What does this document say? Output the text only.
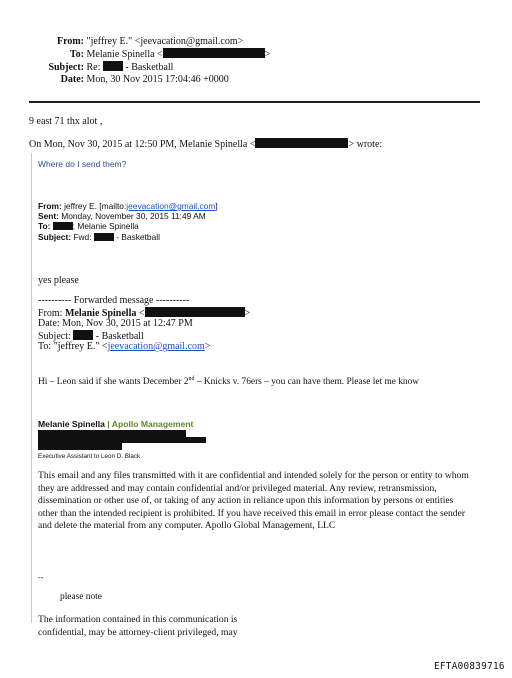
From: "jeffrey E." <jeevacation@gmail.com>
To: Melanie Spinella <	>
Subject: Re:	- Basketball
Date: Mon, 30 Nov 2015 17:04:46 +0000
9 east 71 thx alot ,
On Mon, Nov 30, 2015 at 12:50 PM, Melanie Spinella <	> wrote:
Where do I send them?
From: jeffrey E. [mailto:jeevacation@gmail.com]
Sent: Monday, November 30, 2015 11:49 AM
To:	; Melanie Spinella
Subject: Fwd:	- Basketball
yes please
---------- Forwarded message ----------
From: Melanie Spinella <	>
Date: Mon, Nov 30, 2015 at 12:47 PM
Subject:	- Basketball
To: "jeffrey E." <jeevacation@gmail.com>
Hi – Leon said if she wants December 2nd – Knicks v. 76ers – you can have them. Please let me know
Melanie Spinella | Apollo Management
Executive Assistant to Leon D. Black
This email and any files transmitted with it are confidential and intended solely for the person or entity to whom they are addressed and may contain confidential and/or privileged material. Any review, retransmission, dissemination or other use of, or taking of any action in reliance upon this information by persons or entities other than the intended recipient is prohibited. If you have received this email in error please contact the sender and delete the material from any computer. Apollo Global Management, LLC
--
please note
The information contained in this communication is confidential, may be attorney-client privileged, may
EFTA00839716
